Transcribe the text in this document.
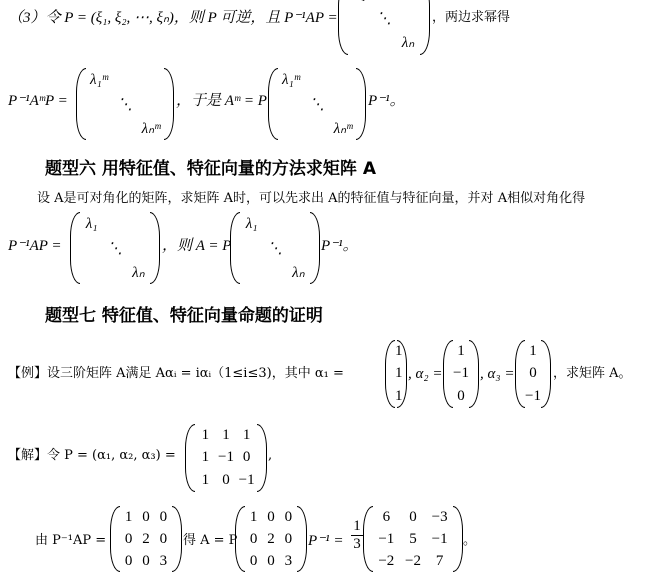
（3）令 P = (ξ₁, ξ₂, ⋯, ξₙ)，则 P 可逆，且 P⁻¹AP =	⋱
λₙ
，两边求幂得
P⁻¹AᵐP =
λ₁ᵐ
⋱
λₙᵐ
，于是 Aᵐ = P
λ₁ᵐ
⋱
λₙᵐ
P⁻¹。
题型六 用特征值、特征向量的方法求矩阵 A
设 A是可对角化的矩阵，求矩阵 A时，可以先求出 A的特征值与特征向量，并对 A相似对角化得
P⁻¹AP =
λ₁
⋱
λₙ
，则 A = P
λ₁
⋱
λₙ
P⁻¹。
题型七 特征值、特征向量命题的证明
【例】设三阶矩阵 A满足 Aαᵢ = iαᵢ（1≤i≤3)，其中 α₁ =
1
1
1
, α₂ =
1
−1
0
, α₃ =
1
0
−1
，求矩阵 A。
【解】令 P = (α₁, α₂, α₃) =
1 1 1
1 −1 0
1 0 −1
,
由 P⁻¹AP =
1 0 0
0 2 0
0 0 3
得 A = P
1 0 0
0 2 0
0 0 3
$P^{-1} = \frac{1}{3}$
6 0 −3
−1 5 −1
−2 −2 7
。
